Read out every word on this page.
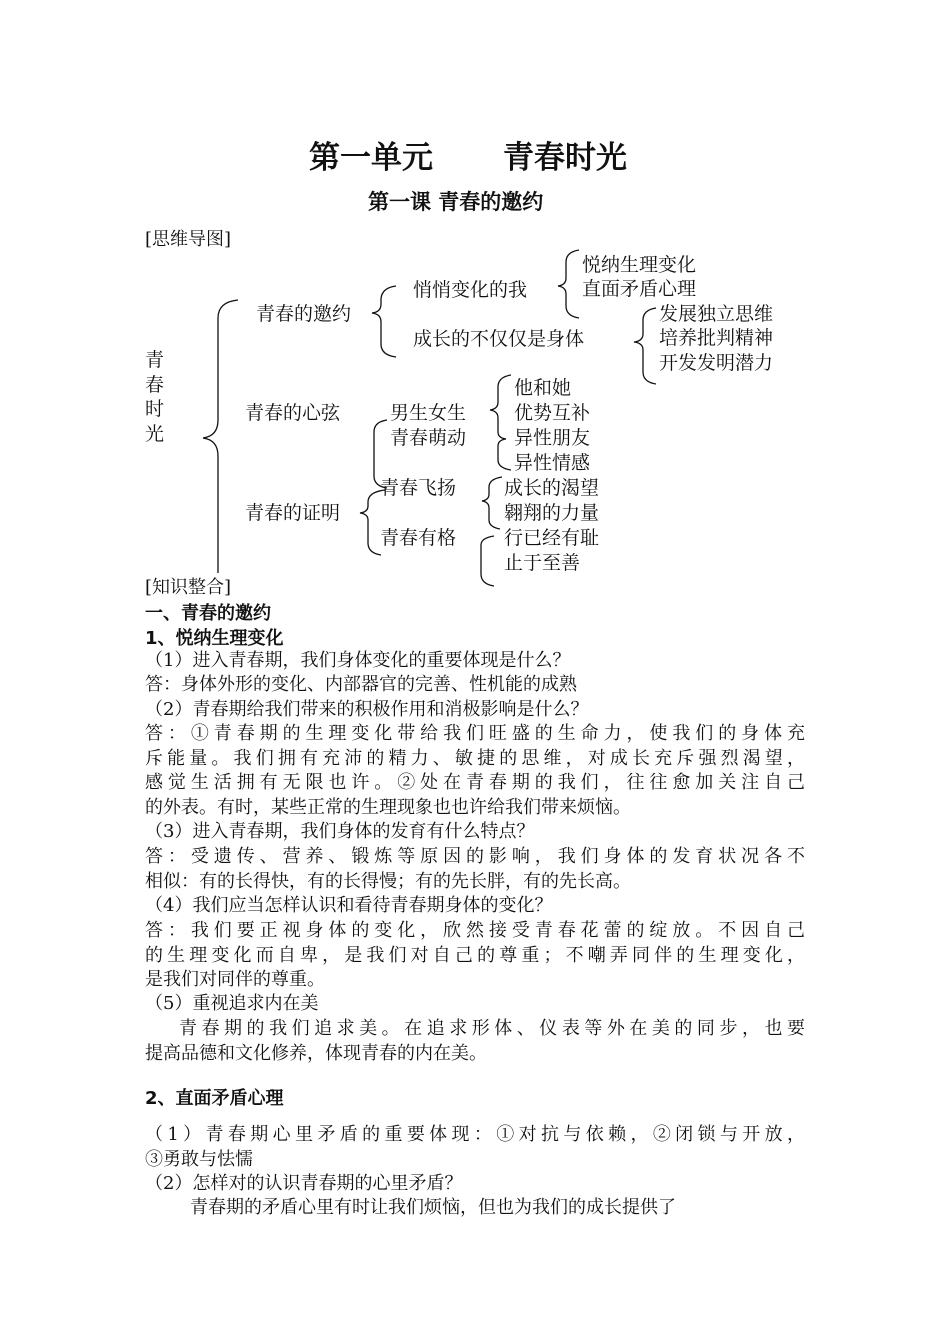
第一单元 青春时光
第一课 青春的邀约
[思维导图]
青
春
时
光
青春的邀约
悄悄变化的我
成长的不仅仅是身体
悦纳生理变化
直面矛盾心理
发展独立思维
培养批判精神
开发发明潜力
青春的心弦	男生女生
青春萌动
他和她
优势互补
异性朋友
异性情感
青春的证明
青春飞扬
青春有格
成长的渴望
翱翔的力量
行已经有耻
止于至善
[知识整合]
一、青春的邀约
1、悦纳生理变化
（1）进入青春期，我们身体变化的重要体现是什么？
答：身体外形的变化、内部器官的完善、性机能的成熟
（2）青春期给我们带来的积极作用和消极影响是什么？
答：①青春期的生理变化带给我们旺盛的生命力，使我们的身体充
斥能量。我们拥有充沛的精力、敏捷的思维，对成长充斥强烈渴望，
感觉生活拥有无限也许。②处在青春期的我们，往往愈加关注自己
的外表。有时，某些正常的生理现象也也许给我们带来烦恼。
（3）进入青春期，我们身体的发育有什么特点？
答：受遗传、营养、锻炼等原因的影响，我们身体的发育状况各不
相似：有的长得快，有的长得慢；有的先长胖，有的先长高。
（4）我们应当怎样认识和看待青春期身体的变化？
答：我们要正视身体的变化，欣然接受青春花蕾的绽放。不因自己
的生理变化而自卑，是我们对自己的尊重；不嘲弄同伴的生理变化，
是我们对同伴的尊重。
（5）重视追求内在美
青春期的我们追求美。在追求形体、仪表等外在美的同步，也要
提高品德和文化修养，体现青春的内在美。
2、直面矛盾心理
（1）青春期心里矛盾的重要体现：①对抗与依赖，②闭锁与开放，
③勇敢与怯懦
（2）怎样对的认识青春期的心里矛盾？
青春期的矛盾心里有时让我们烦恼，但也为我们的成长提供了
